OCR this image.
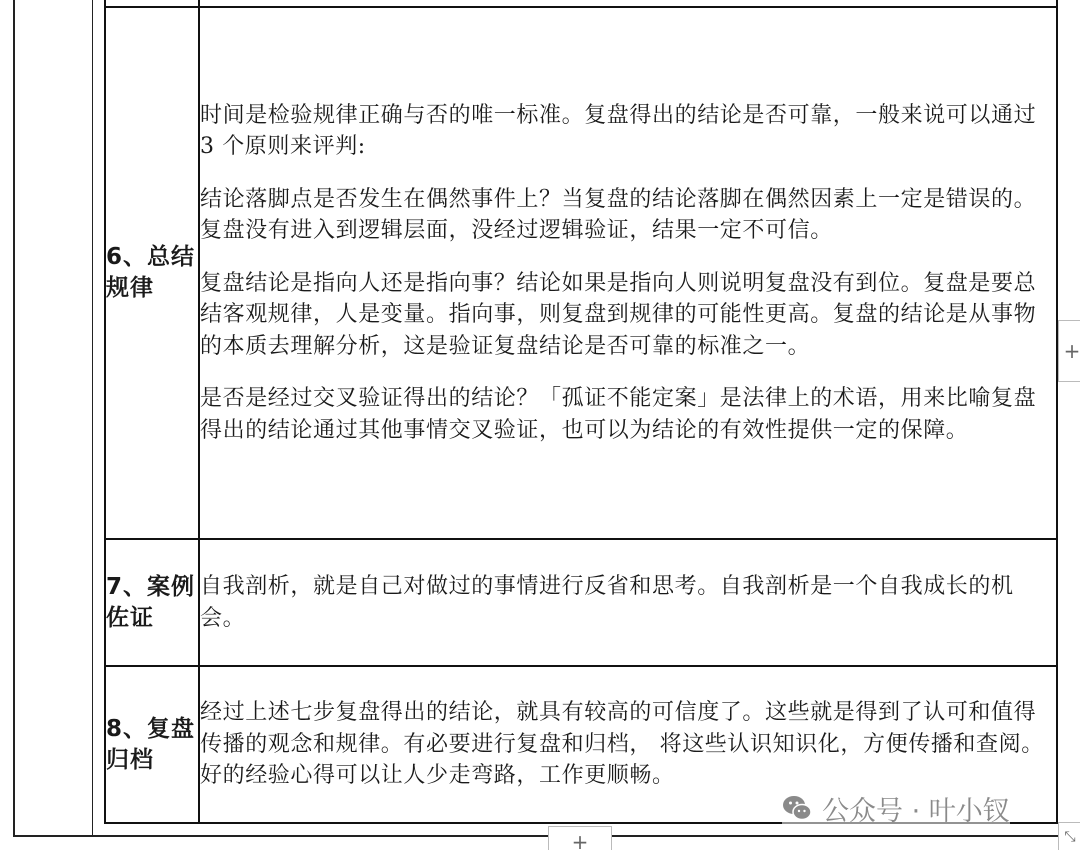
6、总结规律	时间是检验规律正确与否的唯一标准。复盘得出的结论是否可靠，一般来说可以通过 3 个原则来评判:

结论落脚点是否发生在偶然事件上？当复盘的结论落脚在偶然因素上一定是错误的。复盘没有进入到逻辑层面，没经过逻辑验证，结果一定不可信。

复盘结论是指向人还是指向事？结论如果是指向人则说明复盘没有到位。复盘是要总结客观规律，人是变量。指向事，则复盘到规律的可能性更高。复盘的结论是从事物的本质去理解分析，这是验证复盘结论是否可靠的标准之一。

是否是经过交叉验证得出的结论？「孤证不能定案」是法律上的术语，用来比喻复盘得出的结论通过其他事情交叉验证，也可以为结论的有效性提供一定的保障。

7、案例佐证	自我剖析，就是自己对做过的事情进行反省和思考。自我剖析是一个自我成长的机会。

8、复盘归档	经过上述七步复盘得出的结论，就具有较高的可信度了。这些就是得到了认可和值得传播的观念和规律。有必要进行复盘和归档， 将这些认识知识化，方便传播和查阅。好的经验心得可以让人少走弯路，工作更顺畅。

+
+	⤡
公众号 · 叶小钗
